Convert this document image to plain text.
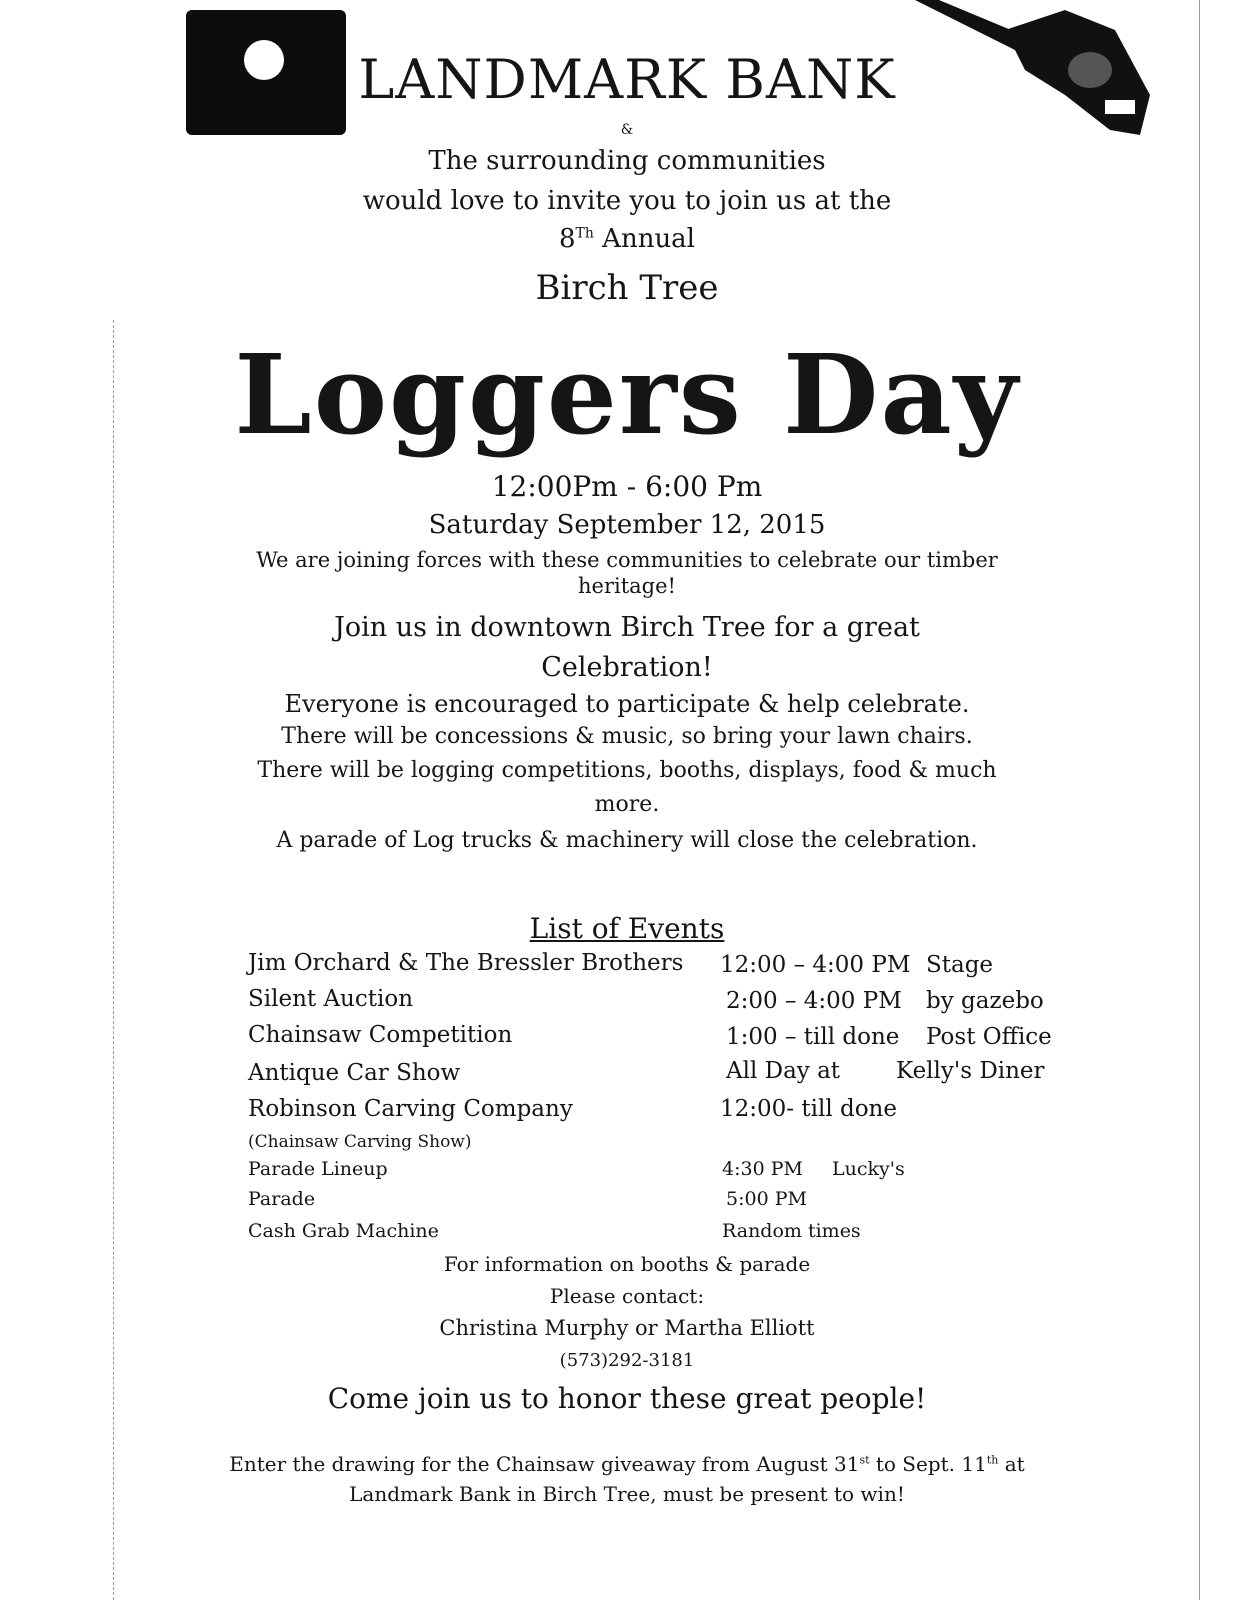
LANDMARK BANK
&
The surrounding communities
would love to invite you to join us at the
8Th Annual
Birch Tree
Loggers Day
12:00Pm - 6:00 Pm
Saturday September 12, 2015
We are joining forces with these communities to celebrate our timber
heritage!
Join us in downtown Birch Tree for a great
Celebration!
Everyone is encouraged to participate & help celebrate.
There will be concessions & music, so bring your lawn chairs.
There will be logging competitions, booths, displays, food & much
more.
A parade of Log trucks & machinery will close the celebration.
List of Events
Jim Orchard & The Bressler Brothers 12:00 – 4:00 PM Stage
Silent Auction	2:00 – 4:00 PM by gazebo
Chainsaw Competition	1:00 – till done Post Office
Antique Car Show	All Day at Kelly's Diner
Robinson Carving Company	12:00- till done
(Chainsaw Carving Show)
Parade Lineup	4:30 PM Lucky's
Parade	5:00 PM
Cash Grab Machine	Random times
For information on booths & parade
Please contact:
Christina Murphy or Martha Elliott
(573)292-3181
Come join us to honor these great people!
Enter the drawing for the Chainsaw giveaway from August 31st to Sept. 11th at
Landmark Bank in Birch Tree, must be present to win!
